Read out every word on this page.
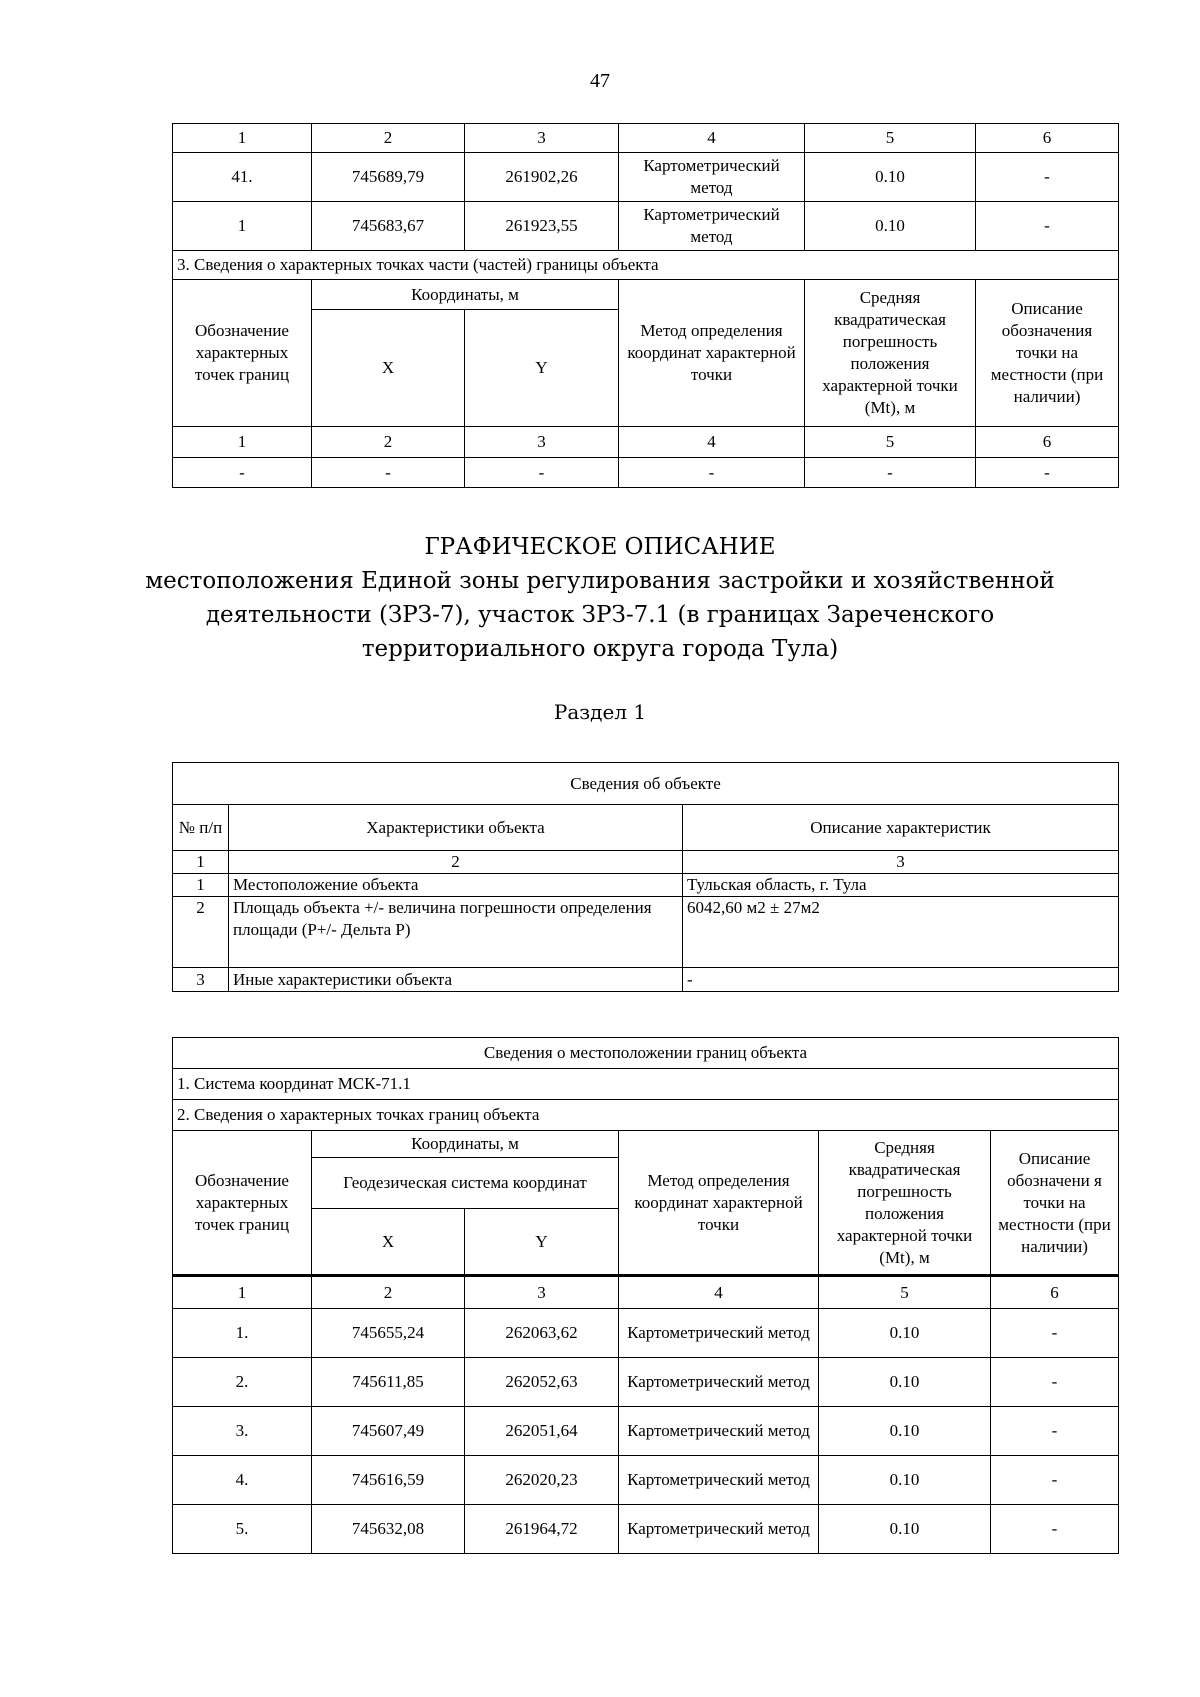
47
1	2	3	4	5	6
41.	745689,79	261902,26	Картометрический метод	0.10	-
1	745683,67	261923,55	Картометрический метод	0.10	-
3. Сведения о характерных точках части (частей) границы объекта					
Обозначение характерных точек границ	Координаты, м		Метод определения координат характерной точки	Средняя квадратическая погрешность положения характерной точки (Mt), м	Описание обозначения точки на местности (при наличии)
	X	Y			
1	2	3	4	5	6
-	-	-	-	-	-
ГРАФИЧЕСКОЕ ОПИСАНИЕ
местоположения Единой зоны регулирования застройки и хозяйственной
деятельности (ЗРЗ-7), участок ЗРЗ-7.1 (в границах Зареченского
территориального округа города Тула)
Раздел 1
Сведения об объекте		
№ п/п	Характеристики объекта	Описание характеристик
1	2	3
1	Местоположение объекта	Тульская область, г. Тула
2	Площадь объекта +/- величина погрешности определения площади (P+/- Дельта P)	6042,60 м2 ± 27м2
3	Иные характеристики объекта	-
Сведения о местоположении границ объекта					
1. Система координат МСК-71.1					
2. Сведения о характерных точках границ объекта					
Обозначение характерных точек границ	Координаты, м		Метод определения координат характерной точки	Средняя квадратическая погрешность положения характерной точки (Mt), м	Описание обозначени я точки на местности (при наличии)
	Геодезическая система координат				
	X	Y			
1	2	3	4	5	6
1.	745655,24	262063,62	Картометрический метод	0.10	-
2.	745611,85	262052,63	Картометрический метод	0.10	-
3.	745607,49	262051,64	Картометрический метод	0.10	-
4.	745616,59	262020,23	Картометрический метод	0.10	-
5.	745632,08	261964,72	Картометрический метод	0.10	-
